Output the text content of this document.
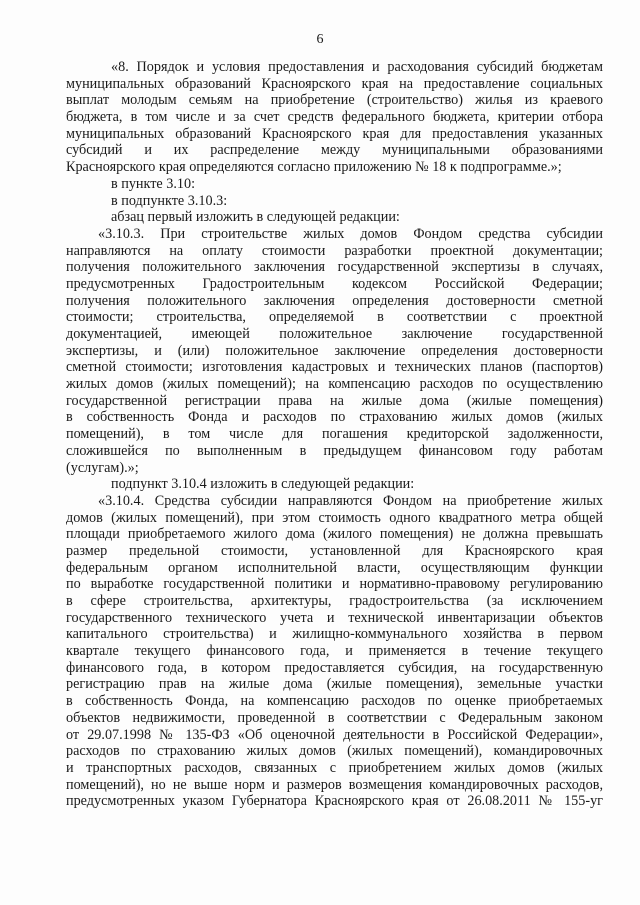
6
«8. Порядок и условия предоставления и расходования субсидий бюджетам
муниципальных образований Красноярского края на предоставление социальных
выплат молодым семьям на приобретение (строительство) жилья из краевого
бюджета, в том числе и за счет средств федерального бюджета, критерии отбора
муниципальных образований Красноярского края для предоставления указанных
субсидий и их распределение между муниципальными образованиями
Красноярского края определяются согласно приложению № 18 к подпрограмме.»;
в пункте 3.10:
в подпункте 3.10.3:
абзац первый изложить в следующей редакции:
«3.10.3. При строительстве жилых домов Фондом средства субсидии
направляются на оплату стоимости разработки проектной документации;
получения положительного заключения государственной экспертизы в случаях,
предусмотренных Градостроительным кодексом Российской Федерации;
получения положительного заключения определения достоверности сметной
стоимости; строительства, определяемой в соответствии с проектной
документацией, имеющей положительное заключение государственной
экспертизы, и (или) положительное заключение определения достоверности
сметной стоимости; изготовления кадастровых и технических планов (паспортов)
жилых домов (жилых помещений); на компенсацию расходов по осуществлению
государственной регистрации права на жилые дома (жилые помещения)
в собственность Фонда и расходов по страхованию жилых домов (жилых
помещений), в том числе для погашения кредиторской задолженности,
сложившейся по выполненным в предыдущем финансовом году работам
(услугам).»;
подпункт 3.10.4 изложить в следующей редакции:
«3.10.4. Средства субсидии направляются Фондом на приобретение жилых
домов (жилых помещений), при этом стоимость одного квадратного метра общей
площади приобретаемого жилого дома (жилого помещения) не должна превышать
размер предельной стоимости, установленной для Красноярского края
федеральным органом исполнительной власти, осуществляющим функции
по выработке государственной политики и нормативно-правовому регулированию
в сфере строительства, архитектуры, градостроительства (за исключением
государственного технического учета и технической инвентаризации объектов
капитального строительства) и жилищно-коммунального хозяйства в первом
квартале текущего финансового года, и применяется в течение текущего
финансового года, в котором предоставляется субсидия, на государственную
регистрацию прав на жилые дома (жилые помещения), земельные участки
в собственность Фонда, на компенсацию расходов по оценке приобретаемых
объектов недвижимости, проведенной в соответствии с Федеральным законом
от 29.07.1998 № 135-ФЗ «Об оценочной деятельности в Российской Федерации»,
расходов по страхованию жилых домов (жилых помещений), командировочных
и транспортных расходов, связанных с приобретением жилых домов (жилых
помещений), но не выше норм и размеров возмещения командировочных расходов,
предусмотренных указом Губернатора Красноярского края от 26.08.2011 № 155-уг
